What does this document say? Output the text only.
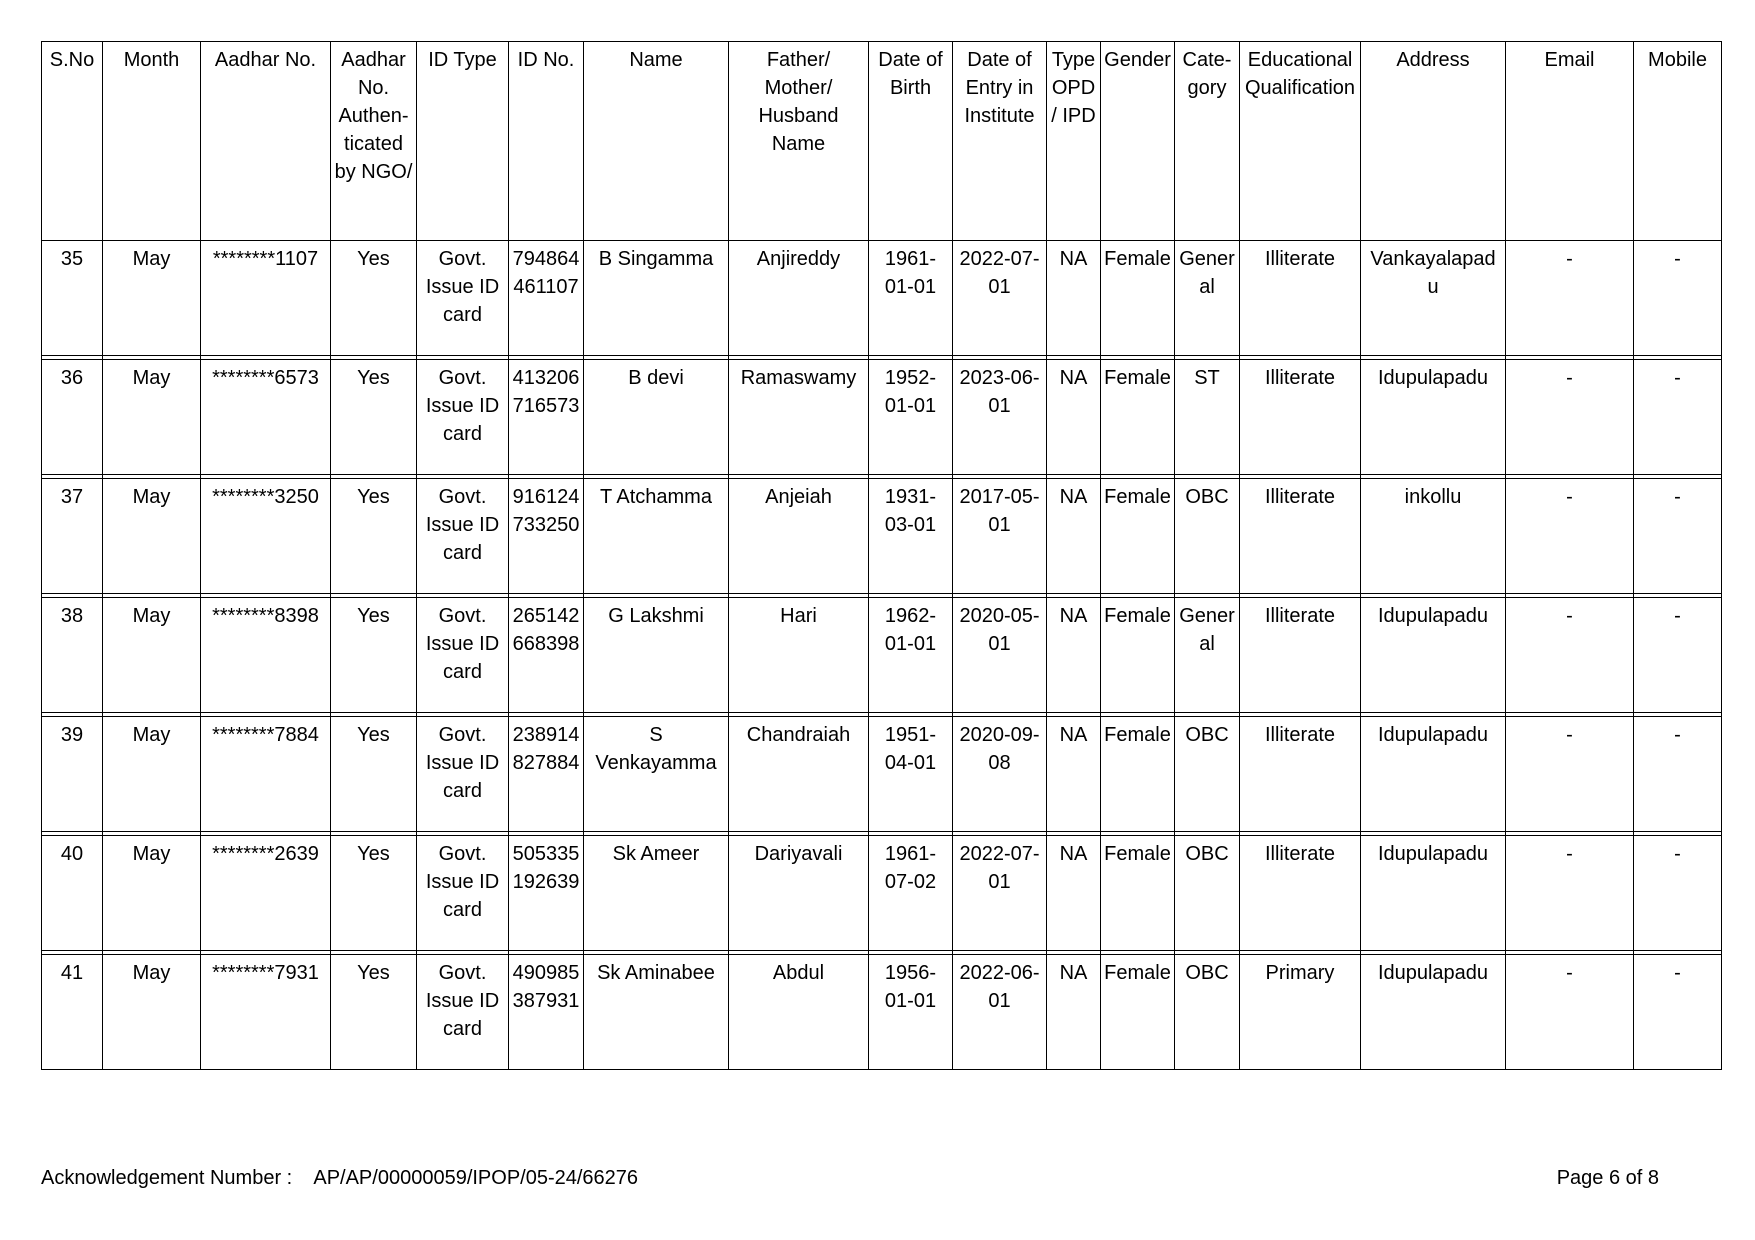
S.No	Month	Aadhar No.	Aadhar No. Authen-ticated by NGO/	ID Type	ID No.	Name	Father/ Mother/ Husband Name	Date of Birth	Date of Entry in Institute	Type OPD / IPD	Gender	Cate- gory	Educational Qualification	Address	Email	Mobile
35	May	********1107	Yes	Govt. Issue ID card	794864 461107	B Singamma	Anjireddy	1961- 01-01	2022-07- 01	NA	Female	Gener al	Illiterate	Vankayalapad u	-	-

36	May	********6573	Yes	Govt. Issue ID card	413206 716573	B devi	Ramaswamy	1952- 01-01	2023-06- 01	NA	Female	ST	Illiterate	Idupulapadu	-	-

37	May	********3250	Yes	Govt. Issue ID card	916124 733250	T Atchamma	Anjeiah	1931- 03-01	2017-05- 01	NA	Female	OBC	Illiterate	inkollu	-	-

38	May	********8398	Yes	Govt. Issue ID card	265142 668398	G Lakshmi	Hari	1962- 01-01	2020-05- 01	NA	Female	Gener al	Illiterate	Idupulapadu	-	-

39	May	********7884	Yes	Govt. Issue ID card	238914 827884	S Venkayamma	Chandraiah	1951- 04-01	2020-09- 08	NA	Female	OBC	Illiterate	Idupulapadu	-	-

40	May	********2639	Yes	Govt. Issue ID card	505335 192639	Sk Ameer	Dariyavali	1961- 07-02	2022-07- 01	NA	Female	OBC	Illiterate	Idupulapadu	-	-

41	May	********7931	Yes	Govt. Issue ID card	490985 387931	Sk Aminabee	Abdul	1956- 01-01	2022-06- 01	NA	Female	OBC	Primary	Idupulapadu	-	-
Acknowledgement Number : AP/AP/00000059/IPOP/05-24/66276	Page 6 of 8
